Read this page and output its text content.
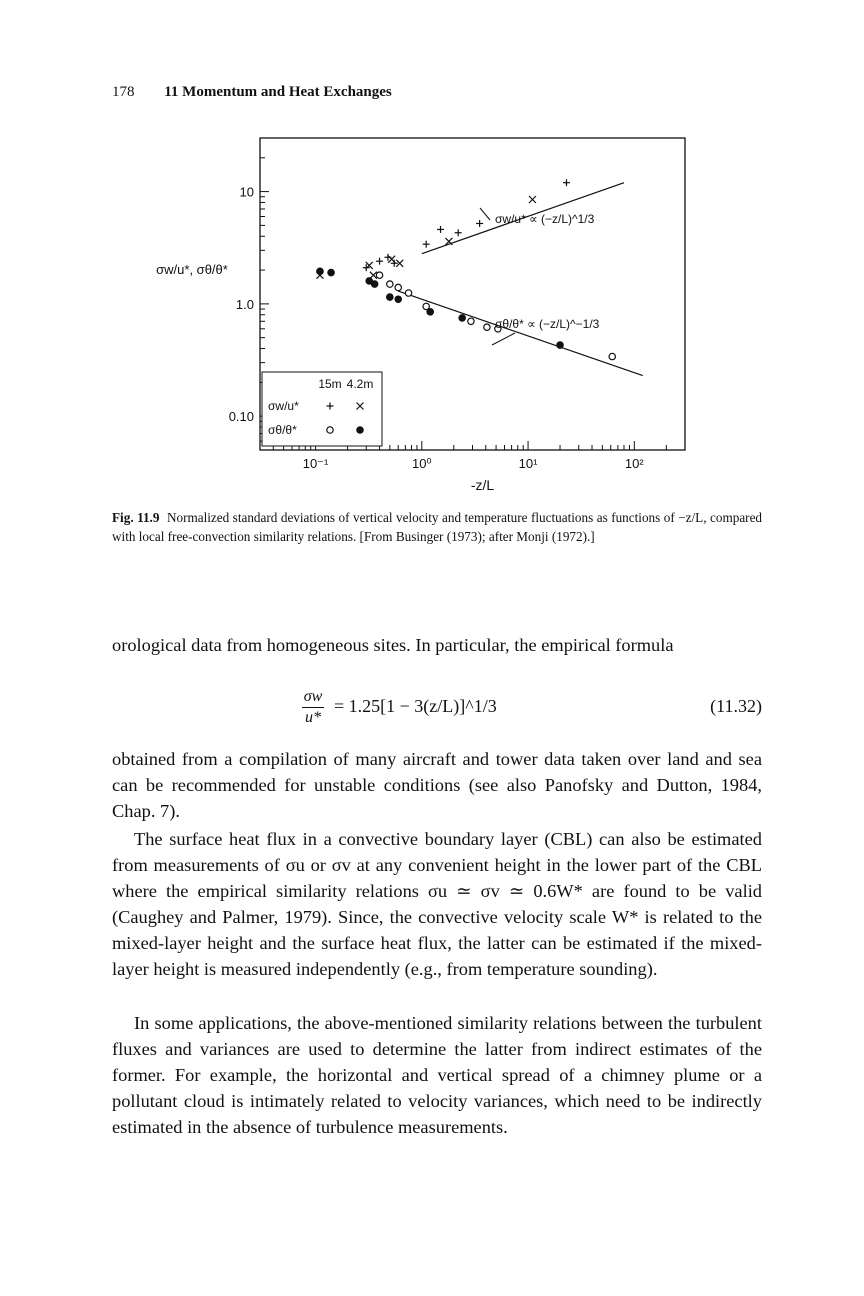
178 11 Momentum and Heat Exchanges
10⁻¹	10⁰	10¹	10²
10
1.0
0.10
-z/L
σw/u*, σθ/θ*
σw/u* ∝ (−z/L)^1/3
σθ/θ* ∝ (−z/L)^−1/3
15m 4.2m
σw/u*
σθ/θ*
Fig. 11.9 Normalized standard deviations of vertical velocity and temperature fluctuations as functions of −z/L, compared with local free-convection similarity relations. [From Businger (1973); after Monji (1972).]

orological data from homogeneous sites. In particular, the empirical formula

σw
u*
= 1.25[1 − 3(z/L)]^1/3	(11.32)

obtained from a compilation of many aircraft and tower data taken over land and sea can be recommended for unstable conditions (see also Panofsky and Dutton, 1984, Chap. 7).

The surface heat flux in a convective boundary layer (CBL) can also be estimated from measurements of σu or σv at any convenient height in the lower part of the CBL where the empirical similarity relations σu ≃ σv ≃ 0.6W* are found to be valid (Caughey and Palmer, 1979). Since, the convective velocity scale W* is related to the mixed-layer height and the surface heat flux, the latter can be estimated if the mixed-layer height is measured independently (e.g., from temperature sounding).

In some applications, the above-mentioned similarity relations between the turbulent fluxes and variances are used to determine the latter from indirect estimates of the former. For example, the horizontal and vertical spread of a chimney plume or a pollutant cloud is intimately related to velocity variances, which need to be indirectly estimated in the absence of turbulence measurements.
